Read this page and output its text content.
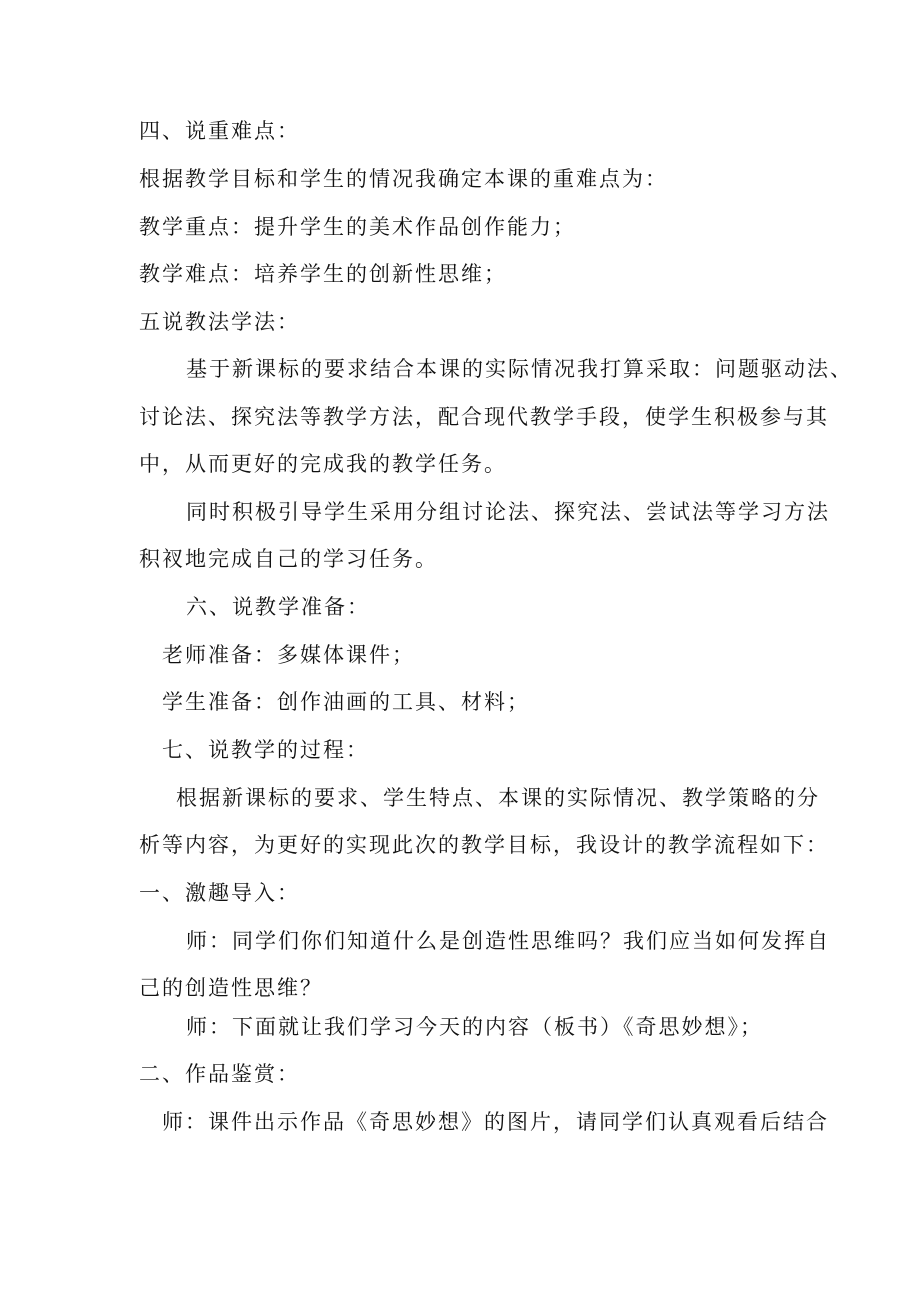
四、说重难点：
根据教学目标和学生的情况我确定本课的重难点为：
教学重点：提升学生的美术作品创作能力；
教学难点：培养学生的创新性思维；
五说教法学法：
基于新课标的要求结合本课的实际情况我打算采取：问题驱动法、
讨论法、探究法等教学方法，配合现代教学手段，使学生积极参与其
中，从而更好的完成我的教学任务。
同时积极引导学生采用分组讨论法、探究法、尝试法等学习方法
积衩地完成自己的学习任务。
六、说教学准备：
老师准备：多媒体课件；
学生准备：创作油画的工具、材料；
七、说教学的过程：
根据新课标的要求、学生特点、本课的实际情况、教学策略的分
析等内容，为更好的实现此次的教学目标，我设计的教学流程如下：
一、激趣导入：
师：同学们你们知道什么是创造性思维吗？我们应当如何发挥自
己的创造性思维？
师：下面就让我们学习今天的内容（板书）《奇思妙想》；
二、作品鉴赏：
师：课件出示作品《奇思妙想》的图片，请同学们认真观看后结合
